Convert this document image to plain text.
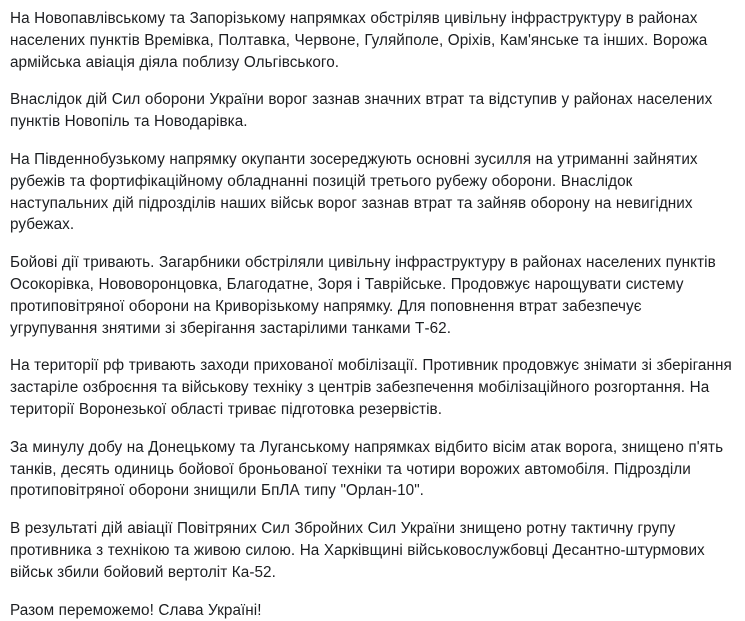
На Новопавлівському та Запорізькому напрямках обстріляв цивільну інфраструктуру в районах населених пунктів Времівка, Полтавка, Червоне, Гуляйполе, Оріхів, Кам'янське та інших. Ворожа армійська авіація діяла поблизу Ольгівського.

Внаслідок дій Сил оборони України ворог зазнав значних втрат та відступив у районах населених пунктів Новопіль та Новодарівка.

На Південнобузькому напрямку окупанти зосереджують основні зусилля на утриманні зайнятих рубежів та фортифікаційному обладнанні позицій третього рубежу оборони. Внаслідок наступальних дій підрозділів наших військ ворог зазнав втрат та зайняв оборону на невигідних рубежах.

Бойові дії тривають. Загарбники обстріляли цивільну інфраструктуру в районах населених пунктів Осокорівка, Нововоронцовка, Благодатне, Зоря і Таврійське. Продовжує нарощувати систему протиповітряної оборони на Криворізькому напрямку. Для поповнення втрат забезпечує угрупування знятими зі зберігання застарілими танками Т-62.

На території рф тривають заходи прихованої мобілізації. Противник продовжує знімати зі зберігання застаріле озброєння та військову техніку з центрів забезпечення мобілізаційного розгортання. На території Воронезької області триває підготовка резервістів.

За минулу добу на Донецькому та Луганському напрямках відбито вісім атак ворога, знищено п'ять танків, десять одиниць бойової броньованої техніки та чотири ворожих автомобіля. Підрозділи протиповітряної оборони знищили БпЛА типу "Орлан-10".

В результаті дій авіації Повітряних Сил Збройних Сил України знищено ротну тактичну групу противника з технікою та живою силою. На Харківщині військовослужбовці Десантно-штурмових військ збили бойовий вертоліт Ка-52.

Разом переможемо! Слава Україні!
